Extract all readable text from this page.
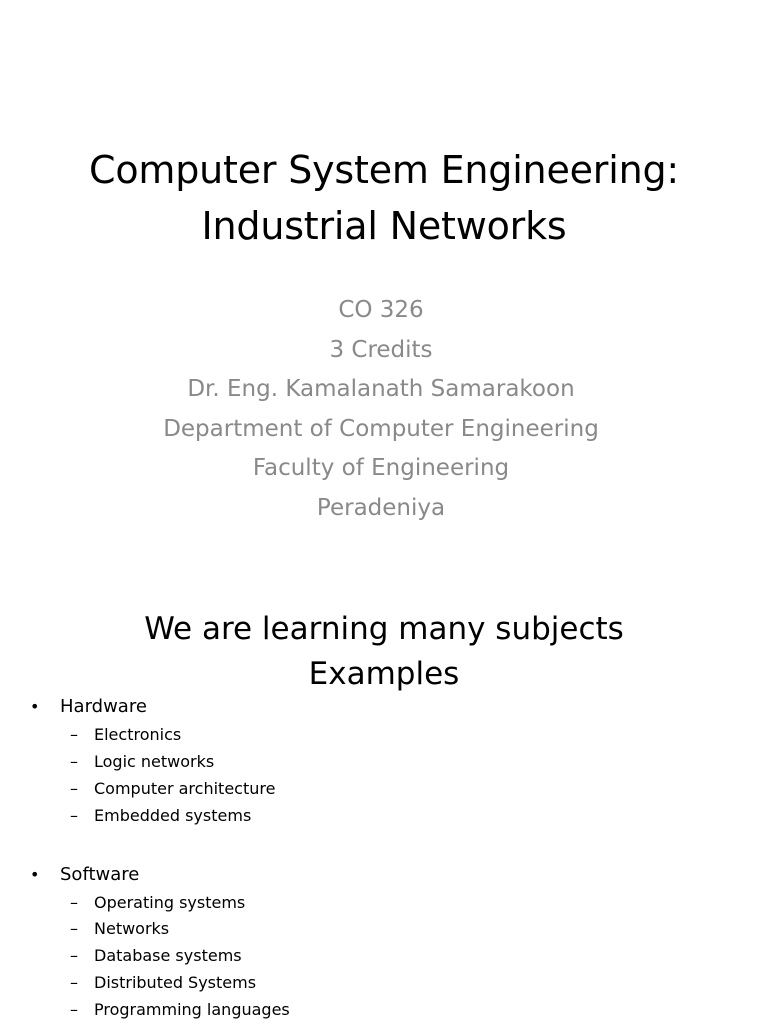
Computer System Engineering:
Industrial Networks
CO 326
3 Credits
Dr. Eng. Kamalanath Samarakoon
Department of Computer Engineering
Faculty of Engineering
Peradeniya
We are learning many subjects
Examples
• Hardware
– Electronics
– Logic networks
– Computer architecture
– Embedded systems
• Software
– Operating systems
– Networks
– Database systems
– Distributed Systems
– Programming languages
